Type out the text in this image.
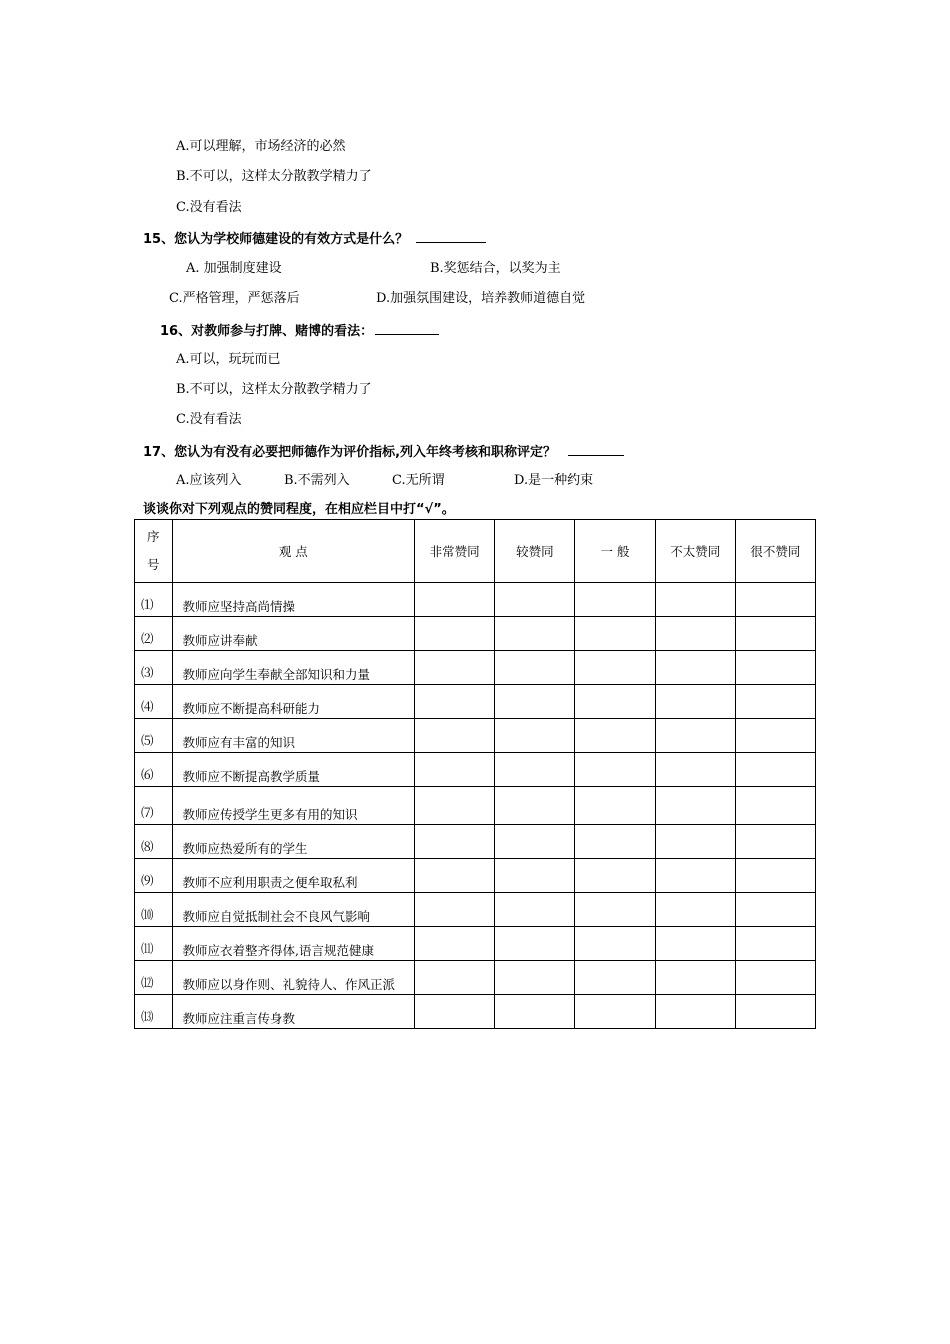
A.可以理解，市场经济的必然
B.不可以，这样太分散教学精力了
C.没有看法
15、您认为学校师德建设的有效方式是什么？
A. 加强制度建设	B.奖惩结合，以奖为主
C.严格管理，严惩落后	D.加强氛围建设，培养教师道德自觉
16、对教师参与打牌、赌博的看法：
A.可以，玩玩而已
B.不可以，这样太分散教学精力了
C.没有看法
17、您认为有没有必要把师德作为评价指标,列入年终考核和职称评定？
A.应该列入	B.不需列入	C.无所谓	D.是一种约束
谈谈你对下列观点的赞同程度，在相应栏目中打“√”。
序
号	观 点	非常赞同	较赞同	一 般	不太赞同	很不赞同
⑴	教师应坚持高尚情操					
⑵	教师应讲奉献					
⑶	教师应向学生奉献全部知识和力量					
⑷	教师应不断提高科研能力					
⑸	教师应有丰富的知识					
⑹	教师应不断提高教学质量					
⑺	教师应传授学生更多有用的知识					
⑻	教师应热爱所有的学生					
⑼	教师不应利用职责之便牟取私利					
⑽	教师应自觉抵制社会不良风气影响					
⑾	教师应衣着整齐得体,语言规范健康					
⑿	教师应以身作则、礼貌待人、作风正派					
⒀	教师应注重言传身教					
